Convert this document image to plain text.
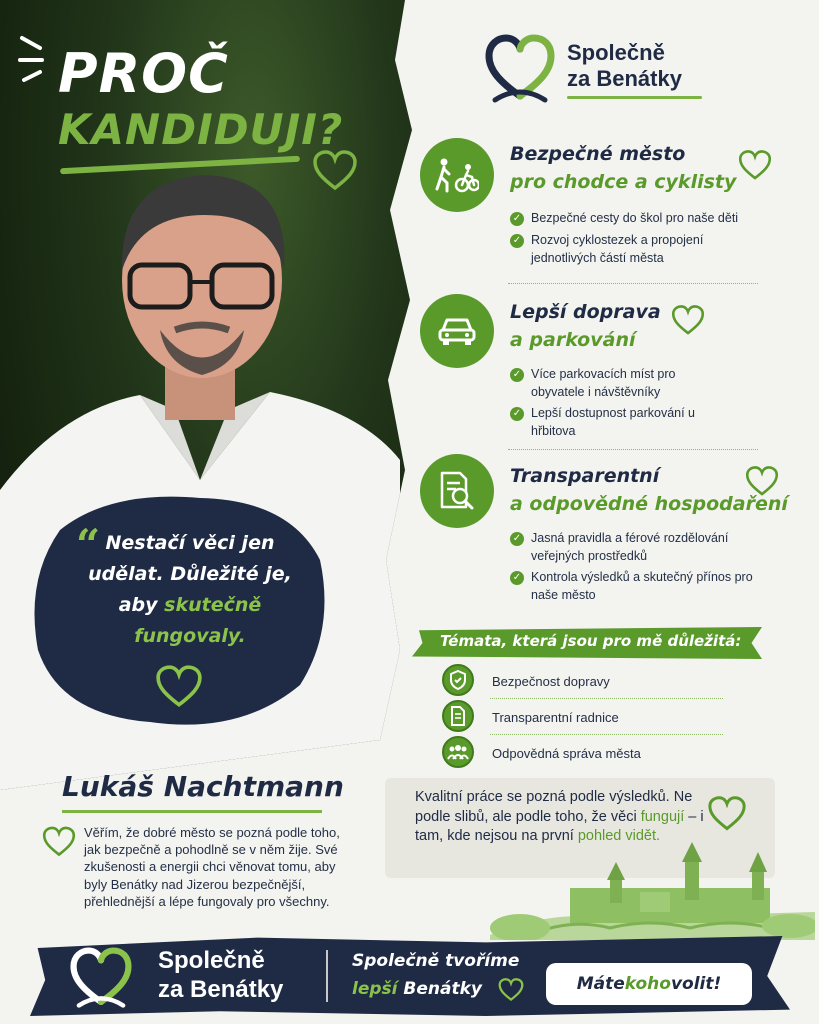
PROČ
KANDIDUJI?
“ Nestačí věci jen udělat. Důležité je, aby skutečně fungovaly.
Lukáš Nachtmann
Věřím, že dobré město se pozná podle toho, jak bezpečně a pohodlně se v něm žije. Své zkušenosti a energii chci věnovat tomu, aby byly Benátky nad Jizerou bezpečnější, přehlednější a lépe fungovaly pro všechny.
Společně
za Benátky
Bezpečné město
pro chodce a cyklisty
✓ Bezpečné cesty do škol pro naše děti
✓ Rozvoj cyklostezek a propojení jednotlivých částí města
Lepší doprava
a parkování
✓ Více parkovacích míst pro obyvatele i návštěvníky
✓ Lepší dostupnost parkování u hřbitova
Transparentní
a odpovědné hospodaření
✓ Jasná pravidla a férové rozdělování veřejných prostředků
✓ Kontrola výsledků a skutečný přínos pro naše město
Témata, která jsou pro mě důležitá:
Bezpečnost dopravy
Transparentní radnice
Odpovědná správa města
Kvalitní práce se pozná podle výsledků. Ne podle slibů, ale podle toho, že věci fungují – i tam, kde nejsou na první pohled vidět.
Společně
za Benátky
Společně tvoříme
lepší Benátky	Máte koho volit!
